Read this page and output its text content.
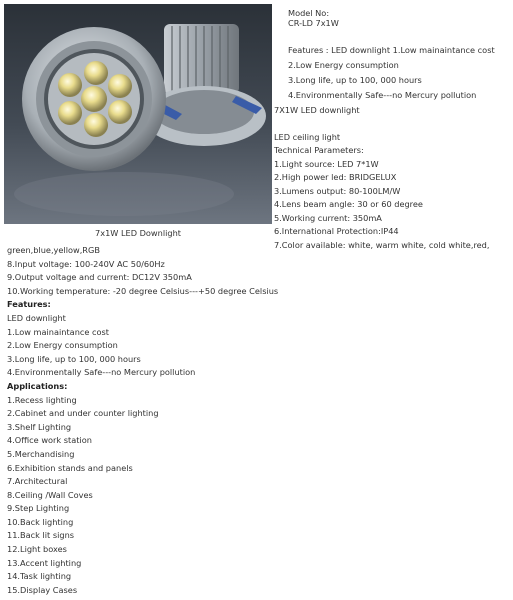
7x1W LED Downlight
Model No:
CR-LD 7x1W
Features : LED downlight 1.Low mainaintance cost
2.Low Energy consumption
3.Long life, up to 100, 000 hours
4.Environmentally Safe---no Mercury pollution
7X1W LED downlight
LED ceiling light
Technical Parameters:
1.Light source: LED 7*1W
2.High power led: BRIDGELUX
3.Lumens output: 80-100LM/W
4.Lens beam angle: 30 or 60 degree
5.Working current: 350mA
6.International Protection:IP44
7.Color available: white, warm white, cold white,red,
green,blue,yellow,RGB
8.Input voltage: 100-240V AC 50/60Hz
9.Output voltage and current: DC12V 350mA
10.Working temperature: -20 degree Celsius---+50 degree Celsius
Features:
LED downlight
1.Low mainaintance cost
2.Low Energy consumption
3.Long life, up to 100, 000 hours
4.Environmentally Safe---no Mercury pollution
Applications:
1.Recess lighting
2.Cabinet and under counter lighting
3.Shelf Lighting
4.Office work station
5.Merchandising
6.Exhibition stands and panels
7.Architectural
8.Ceiling /Wall Coves
9.Step Lighting
10.Back lighting
11.Back lit signs
12.Light boxes
13.Accent lighting
14.Task lighting
15.Display Cases
